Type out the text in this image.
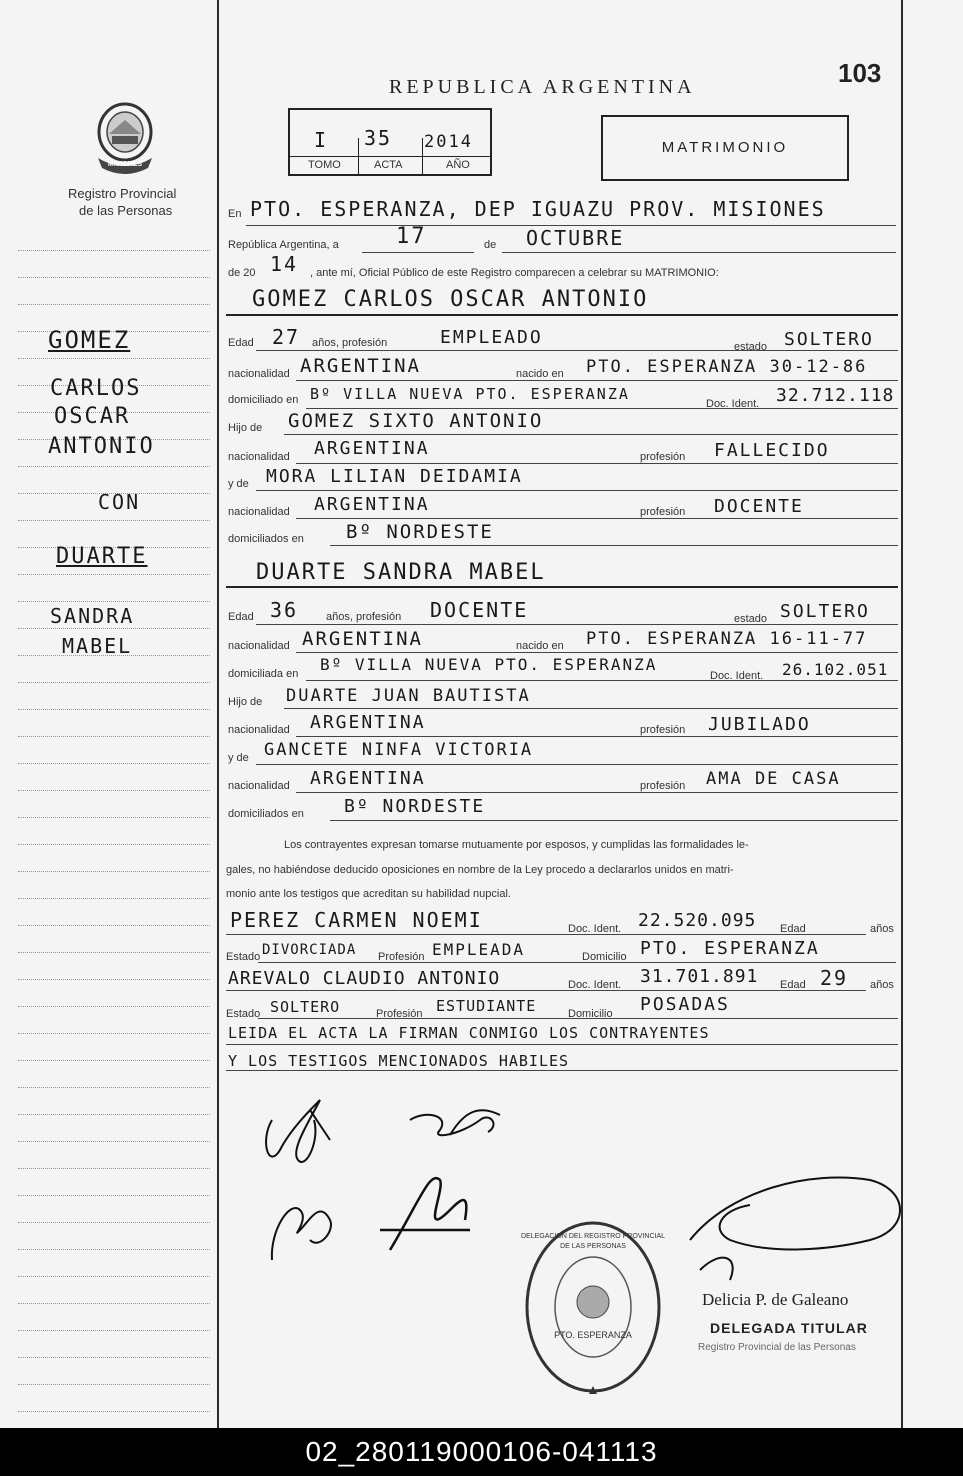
MISIONES
Registro Provincial
de las Personas
REPUBLICA ARGENTINA	103
I 35 2014
TOMO	ACTA	AÑO
MATRIMONIO
En PTO. ESPERANZA, DEP IGUAZU PROV. MISIONES
República Argentina, a	17	de OCTUBRE
de 20 14 , ante mí, Oficial Público de este Registro comparecen a celebrar su MATRIMONIO:
GOMEZ CARLOS OSCAR ANTONIO
Edad 27 años, profesión	EMPLEADO	estado SOLTERO
nacionalidad ARGENTINA	nacido en PTO. ESPERANZA 30-12-86
domiciliado en Bº VILLA NUEVA PTO. ESPERANZA
Doc. Ident. 32.712.118
Hijo de GOMEZ SIXTO ANTONIO
nacionalidad ARGENTINA	profesión FALLECIDO
y de MORA LILIAN DEIDAMIA
nacionalidad ARGENTINA	profesión DOCENTE
domiciliados en Bº NORDESTE
DUARTE SANDRA MABEL
Edad 36	años, profesión DOCENTE	estado SOLTERO
nacionalidad ARGENTINA	nacido en PTO. ESPERANZA 16-11-77
domiciliada en Bº VILLA NUEVA PTO. ESPERANZA
Doc. Ident. 26.102.051
Hijo de DUARTE JUAN BAUTISTA
nacionalidad ARGENTINA	profesión JUBILADO
y de GANCETE NINFA VICTORIA
nacionalidad ARGENTINA	profesión AMA DE CASA
domiciliados en Bº NORDESTE
Los contrayentes expresan tomarse mutuamente por esposos, y cumplidas las formalidades le-
gales, no habiéndose deducido oposiciones en nombre de la Ley procedo a declararlos unidos en matri-
monio ante los testigos que acreditan su habilidad nupcial.
PEREZ CARMEN NOEMI	Doc. Ident. 22.520.095 Edad	años
Estado DIVORCIADA Profesión EMPLEADA	Domicilio PTO. ESPERANZA
AREVALO CLAUDIO ANTONIO	Doc. Ident. 31.701.891 Edad 29 años
Estado SOLTERO	Profesión ESTUDIANTE	Domicilio POSADAS
LEIDA EL ACTA LA FIRMAN CONMIGO LOS CONTRAYENTES
Y LOS TESTIGOS MENCIONADOS HABILES
DELEGACION DEL REGISTRO PROVINCIAL DE LAS PERSONAS
PTO. ESPERANZA
Delicia P. de Galeano
DELEGADA TITULAR
Registro Provincial de las Personas
GOMEZ
CARLOS
OSCAR
ANTONIO
CON
DUARTE
SANDRA
MABEL
02_280119000106-041113
